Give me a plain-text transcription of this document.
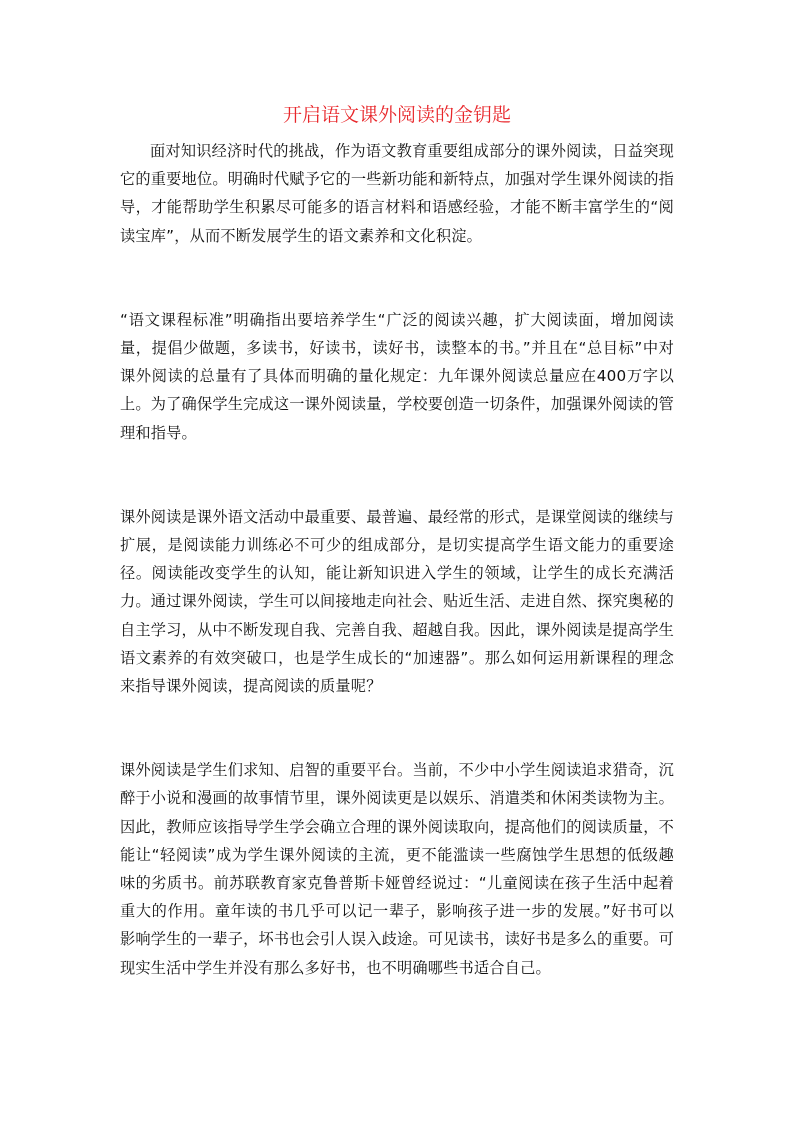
开启语文课外阅读的金钥匙

面对知识经济时代的挑战，作为语文教育重要组成部分的课外阅读，日益突现它的重要地位。明确时代赋予它的一些新功能和新特点，加强对学生课外阅读的指导，才能帮助学生积累尽可能多的语言材料和语感经验，才能不断丰富学生的“阅读宝库”，从而不断发展学生的语文素养和文化积淀。

“语文课程标准”明确指出要培养学生“广泛的阅读兴趣，扩大阅读面，增加阅读量，提倡少做题，多读书，好读书，读好书，读整本的书。”并且在“总目标”中对课外阅读的总量有了具体而明确的量化规定：九年课外阅读总量应在400万字以上。为了确保学生完成这一课外阅读量，学校要创造一切条件，加强课外阅读的管理和指导。

课外阅读是课外语文活动中最重要、最普遍、最经常的形式，是课堂阅读的继续与扩展，是阅读能力训练必不可少的组成部分，是切实提高学生语文能力的重要途径。阅读能改变学生的认知，能让新知识进入学生的领域，让学生的成长充满活力。通过课外阅读，学生可以间接地走向社会、贴近生活、走进自然、探究奥秘的自主学习，从中不断发现自我、完善自我、超越自我。因此，课外阅读是提高学生语文素养的有效突破口，也是学生成长的“加速器”。那么如何运用新课程的理念来指导课外阅读，提高阅读的质量呢？

课外阅读是学生们求知、启智的重要平台。当前，不少中小学生阅读追求猎奇，沉醉于小说和漫画的故事情节里，课外阅读更是以娱乐、消遣类和休闲类读物为主。因此，教师应该指导学生学会确立合理的课外阅读取向，提高他们的阅读质量，不能让“轻阅读”成为学生课外阅读的主流，更不能滥读一些腐蚀学生思想的低级趣味的劣质书。前苏联教育家克鲁普斯卡娅曾经说过：“儿童阅读在孩子生活中起着重大的作用。童年读的书几乎可以记一辈子，影响孩子进一步的发展。”好书可以影响学生的一辈子，坏书也会引人误入歧途。可见读书，读好书是多么的重要。可现实生活中学生并没有那么多好书，也不明确哪些书适合自己。
